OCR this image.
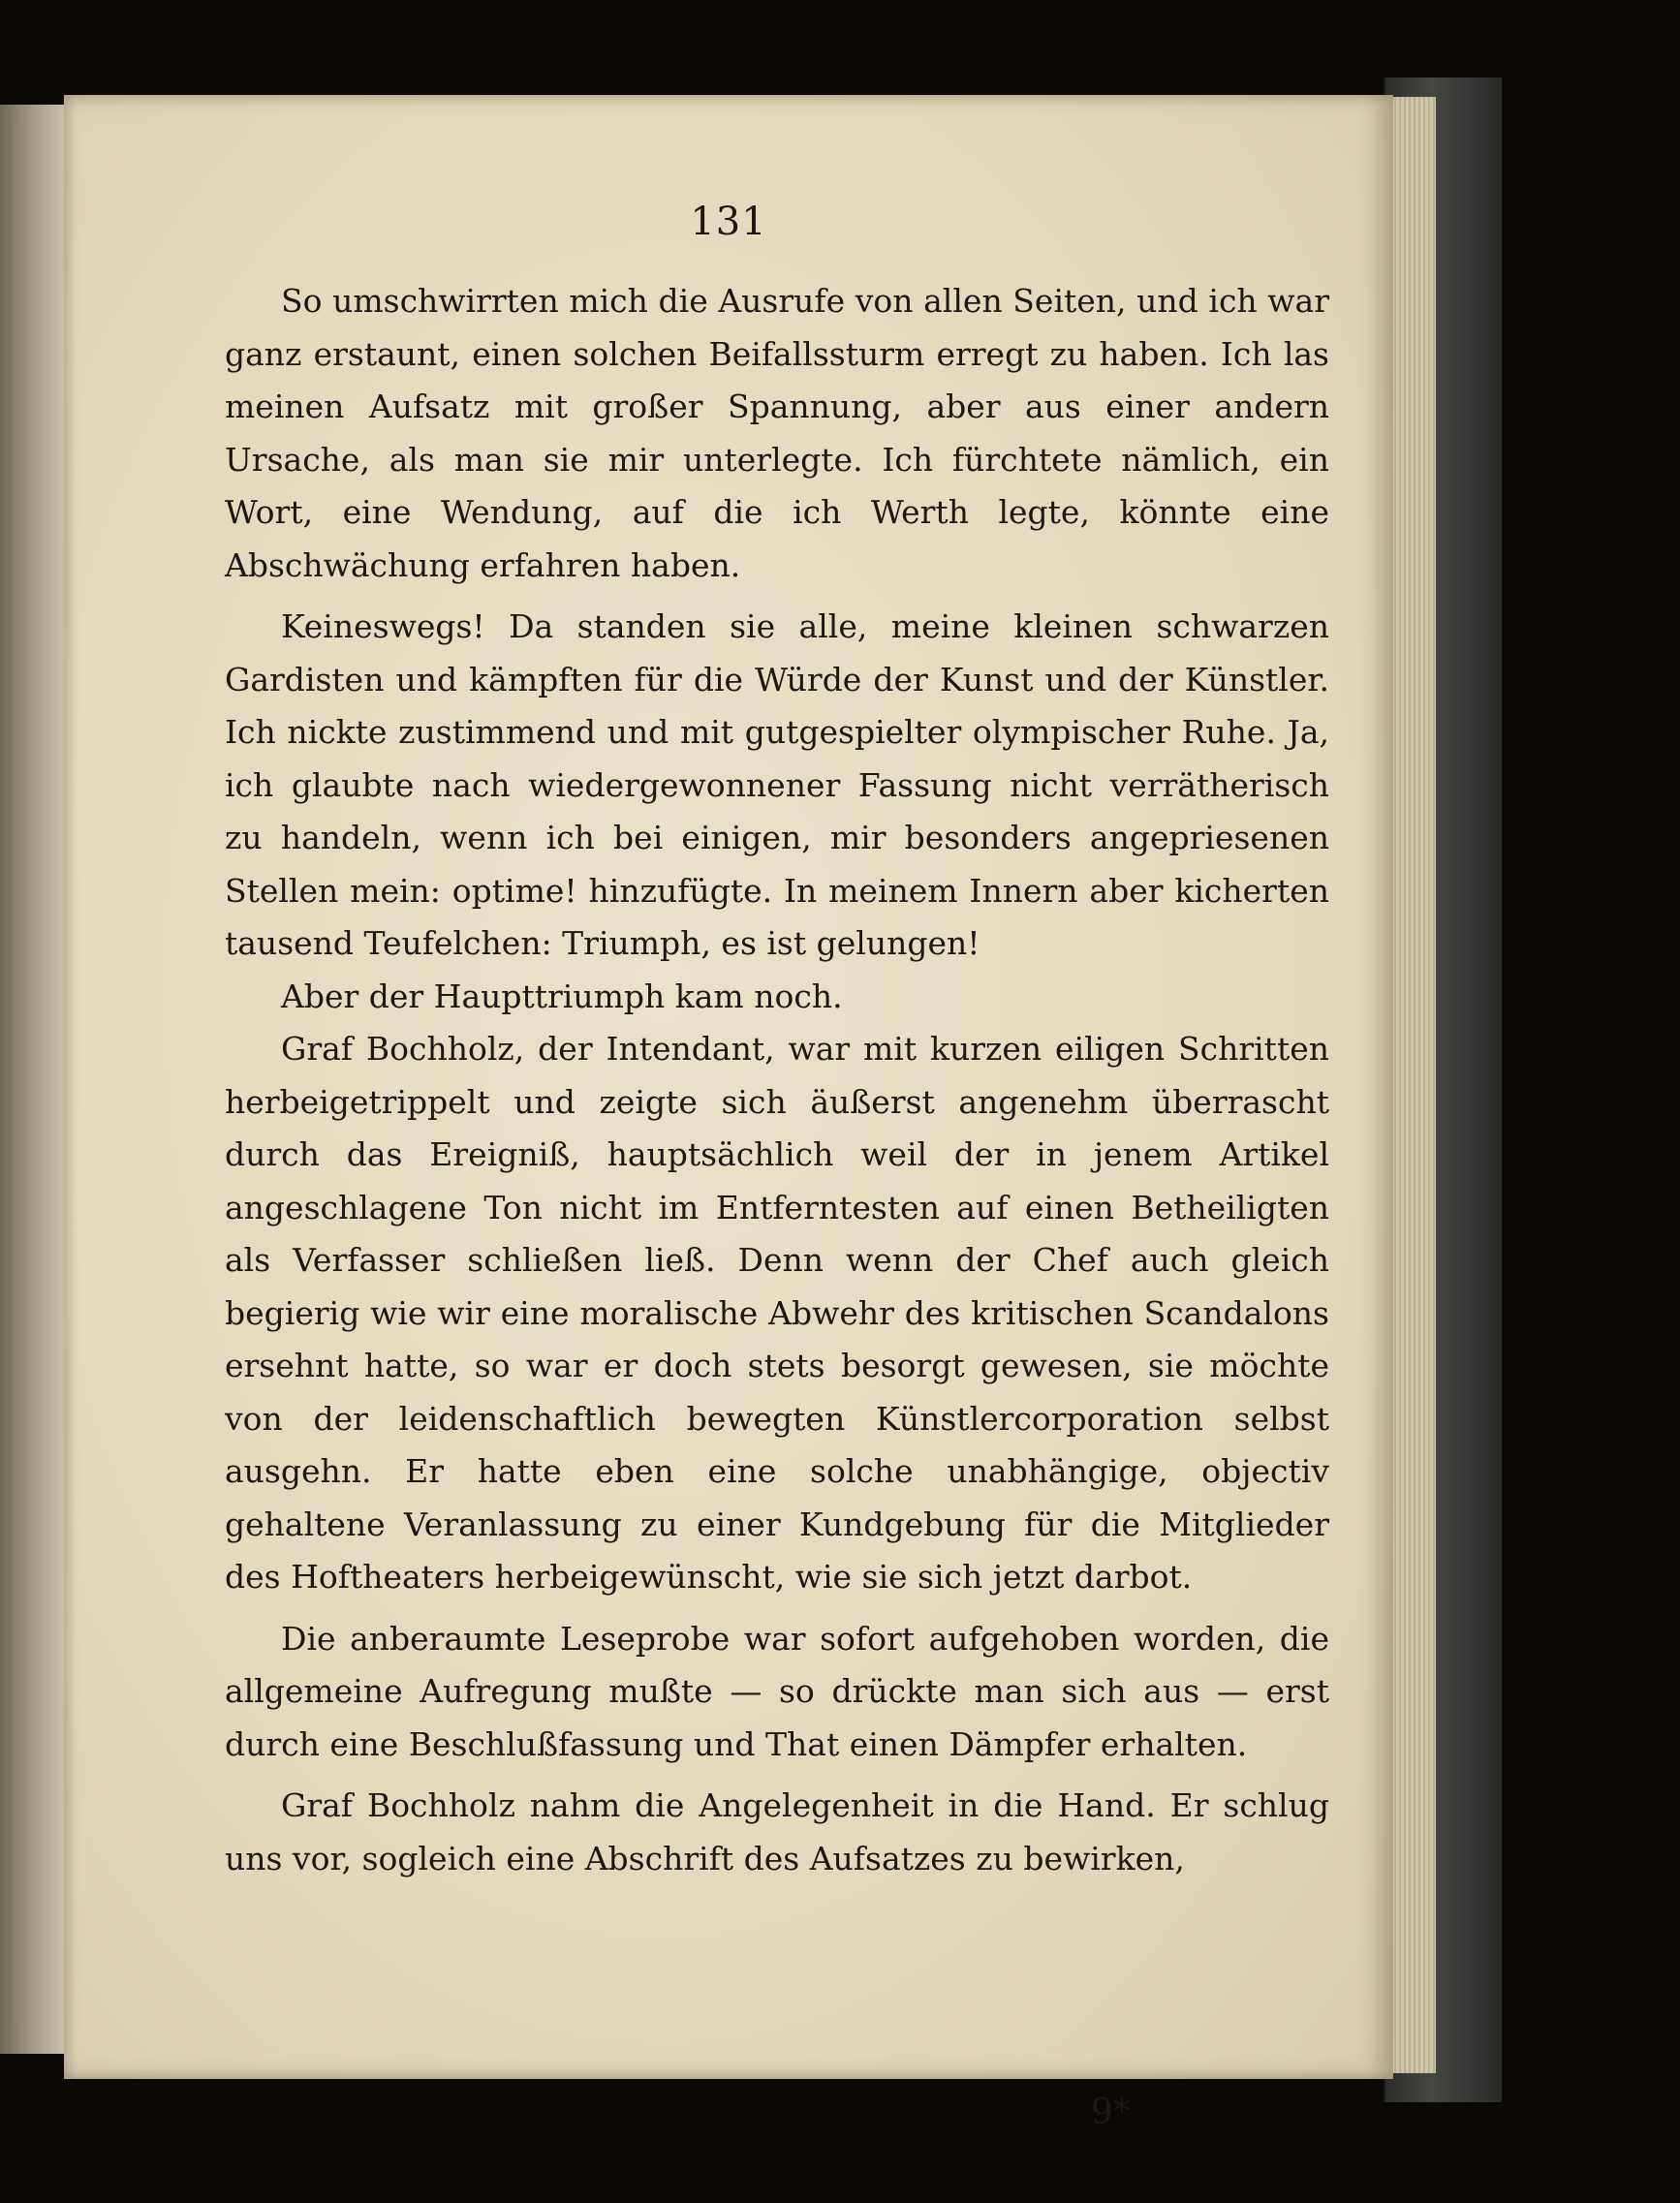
131

So umschwirrten mich die Ausrufe von allen Seiten, und ich war ganz erstaunt, einen solchen Beifallssturm erregt zu haben. Ich las meinen Aufsatz mit großer Spannung, aber aus einer andern Ursache, als man sie mir unterlegte. Ich fürchtete nämlich, ein Wort, eine Wendung, auf die ich Werth legte, könnte eine Abschwächung erfahren haben.

Keineswegs! Da standen sie alle, meine kleinen schwarzen Gardisten und kämpften für die Würde der Kunst und der Künstler. Ich nickte zustimmend und mit gutgespielter olympischer Ruhe. Ja, ich glaubte nach wiedergewonnener Fassung nicht verrätherisch zu handeln, wenn ich bei einigen, mir besonders angepriesenen Stellen mein: optime! hinzufügte. In meinem Innern aber kicherten tausend Teufelchen: Triumph, es ist gelungen!

Aber der Haupttriumph kam noch.

Graf Bochholz, der Intendant, war mit kurzen eiligen Schritten herbeigetrippelt und zeigte sich äußerst angenehm überrascht durch das Ereigniß, hauptsächlich weil der in jenem Artikel angeschlagene Ton nicht im Entferntesten auf einen Betheiligten als Verfasser schließen ließ. Denn wenn der Chef auch gleich begierig wie wir eine moralische Abwehr des kritischen Scandalons ersehnt hatte, so war er doch stets besorgt gewesen, sie möchte von der leidenschaftlich bewegten Künstlercorporation selbst ausgehn. Er hatte eben eine solche unabhängige, objectiv gehaltene Veranlassung zu einer Kundgebung für die Mitglieder des Hoftheaters herbeigewünscht, wie sie sich jetzt darbot.

Die anberaumte Leseprobe war sofort aufgehoben worden, die allgemeine Aufregung mußte — so drückte man sich aus — erst durch eine Beschlußfassung und That einen Dämpfer erhalten.

Graf Bochholz nahm die Angelegenheit in die Hand. Er schlug uns vor, sogleich eine Abschrift des Aufsatzes zu bewirken,

9*
